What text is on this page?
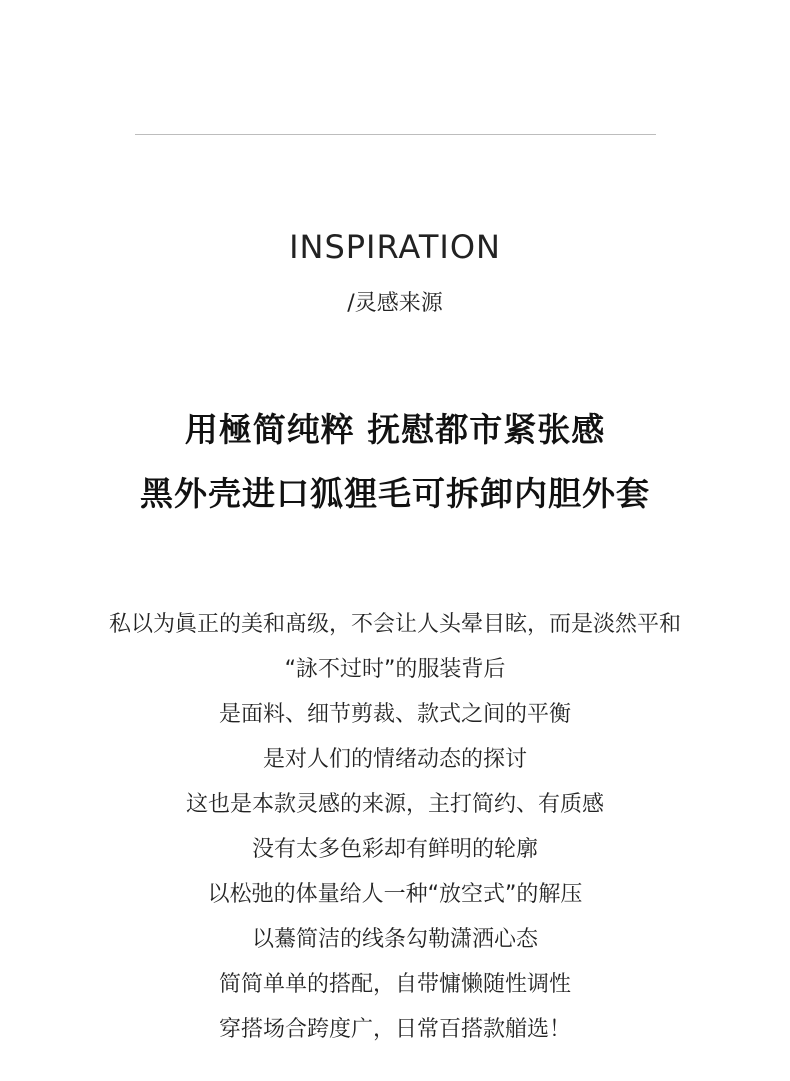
INSPIRATION
/灵感来源
用極简纯粹 抚慰都市紧张感
黑外壳进口狐狸毛可拆卸内胆外套
私以为眞正的美和髙级，不会让人头晕目眩，而是淡然平和
“詠不过时”的服装背后
是面料、细节剪裁、款式之间的平衡
是对人们的情绪动态的探讨
这也是本款灵感的来源，主打简约、有质感
没有太多色彩却有鲜明的轮廓
以松弛的体量给人一种“放空式”的解压
以驀简洁的线条勾勒潇洒心态
简简单单的搭配，自带慵懒随性调性
穿搭场合跨度广，日常百搭款艏选！
